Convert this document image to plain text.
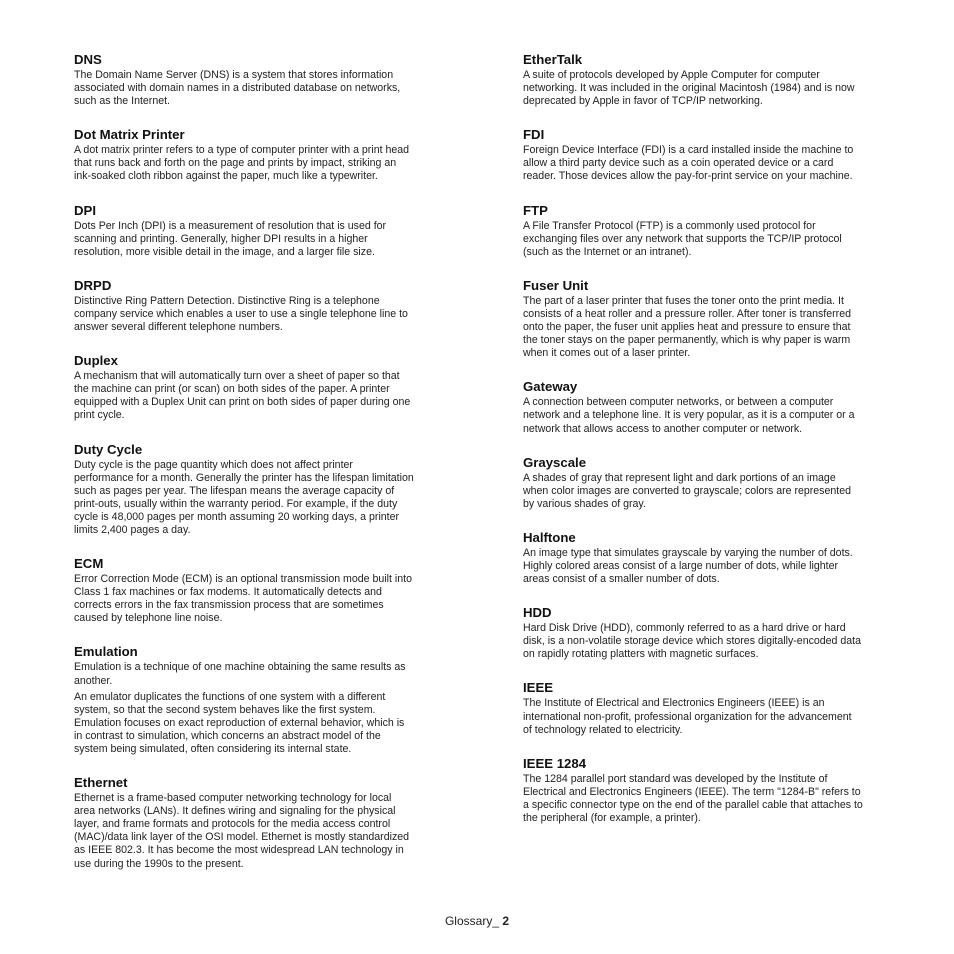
DNS
The Domain Name Server (DNS) is a system that stores information
associated with domain names in a distributed database on networks,
such as the Internet.
Dot Matrix Printer
A dot matrix printer refers to a type of computer printer with a print head
that runs back and forth on the page and prints by impact, striking an
ink-soaked cloth ribbon against the paper, much like a typewriter.
DPI
Dots Per Inch (DPI) is a measurement of resolution that is used for
scanning and printing. Generally, higher DPI results in a higher
resolution, more visible detail in the image, and a larger file size.
DRPD
Distinctive Ring Pattern Detection. Distinctive Ring is a telephone
company service which enables a user to use a single telephone line to
answer several different telephone numbers.
Duplex
A mechanism that will automatically turn over a sheet of paper so that
the machine can print (or scan) on both sides of the paper. A printer
equipped with a Duplex Unit can print on both sides of paper during one
print cycle.
Duty Cycle
Duty cycle is the page quantity which does not affect printer
performance for a month. Generally the printer has the lifespan limitation
such as pages per year. The lifespan means the average capacity of
print-outs, usually within the warranty period. For example, if the duty
cycle is 48,000 pages per month assuming 20 working days, a printer
limits 2,400 pages a day.
ECM
Error Correction Mode (ECM) is an optional transmission mode built into
Class 1 fax machines or fax modems. It automatically detects and
corrects errors in the fax transmission process that are sometimes
caused by telephone line noise.
Emulation
Emulation is a technique of one machine obtaining the same results as
another.
An emulator duplicates the functions of one system with a different
system, so that the second system behaves like the first system.
Emulation focuses on exact reproduction of external behavior, which is
in contrast to simulation, which concerns an abstract model of the
system being simulated, often considering its internal state.
Ethernet
Ethernet is a frame-based computer networking technology for local
area networks (LANs). It defines wiring and signaling for the physical
layer, and frame formats and protocols for the media access control
(MAC)/data link layer of the OSI model. Ethernet is mostly standardized
as IEEE 802.3. It has become the most widespread LAN technology in
use during the 1990s to the present.
EtherTalk
A suite of protocols developed by Apple Computer for computer
networking. It was included in the original Macintosh (1984) and is now
deprecated by Apple in favor of TCP/IP networking.
FDI
Foreign Device Interface (FDI) is a card installed inside the machine to
allow a third party device such as a coin operated device or a card
reader. Those devices allow the pay-for-print service on your machine.
FTP
A File Transfer Protocol (FTP) is a commonly used protocol for
exchanging files over any network that supports the TCP/IP protocol
(such as the Internet or an intranet).
Fuser Unit
The part of a laser printer that fuses the toner onto the print media. It
consists of a heat roller and a pressure roller. After toner is transferred
onto the paper, the fuser unit applies heat and pressure to ensure that
the toner stays on the paper permanently, which is why paper is warm
when it comes out of a laser printer.
Gateway
A connection between computer networks, or between a computer
network and a telephone line. It is very popular, as it is a computer or a
network that allows access to another computer or network.
Grayscale
A shades of gray that represent light and dark portions of an image
when color images are converted to grayscale; colors are represented
by various shades of gray.
Halftone
An image type that simulates grayscale by varying the number of dots.
Highly colored areas consist of a large number of dots, while lighter
areas consist of a smaller number of dots.
HDD
Hard Disk Drive (HDD), commonly referred to as a hard drive or hard
disk, is a non-volatile storage device which stores digitally-encoded data
on rapidly rotating platters with magnetic surfaces.
IEEE
The Institute of Electrical and Electronics Engineers (IEEE) is an
international non-profit, professional organization for the advancement
of technology related to electricity.
IEEE 1284
The 1284 parallel port standard was developed by the Institute of
Electrical and Electronics Engineers (IEEE). The term "1284-B" refers to
a specific connector type on the end of the parallel cable that attaches to
the peripheral (for example, a printer).
Glossary_ 2
